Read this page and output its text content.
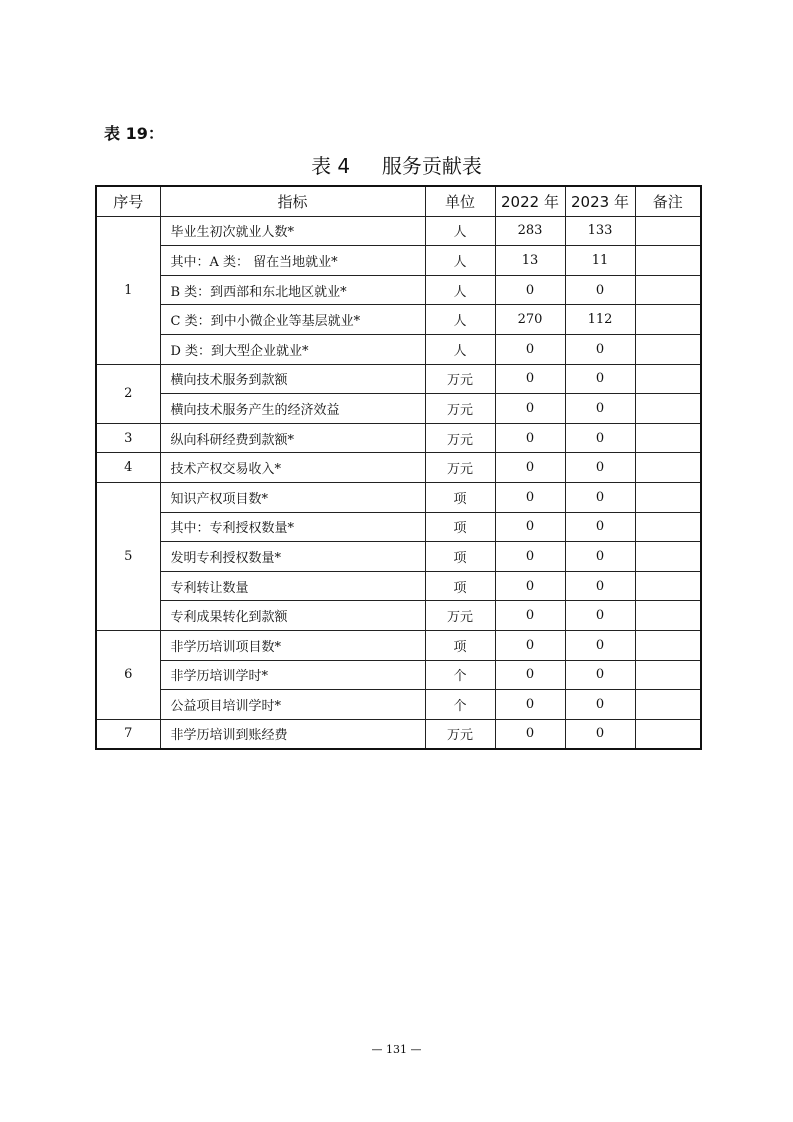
表 19：
表 4     服务贡献表
序号	指标	单位	2022 年	2023 年	备注
1	毕业生初次就业人数*	人	283	133	
	其中：A 类： 留在当地就业*	人	13	11	
	B 类：到西部和东北地区就业*	人	0	0	
	C 类：到中小微企业等基层就业*	人	270	112	
	D 类：到大型企业就业*	人	0	0	
2	横向技术服务到款额	万元	0	0	
	横向技术服务产生的经济效益	万元	0	0	
3	纵向科研经费到款额*	万元	0	0	
4	技术产权交易收入*	万元	0	0	
5	知识产权项目数*	项	0	0	
	其中：专利授权数量*	项	0	0	
	发明专利授权数量*	项	0	0	
	专利转让数量	项	0	0	
	专利成果转化到款额	万元	0	0	
6	非学历培训项目数*	项	0	0	
	非学历培训学时*	个	0	0	
	公益项目培训学时*	个	0	0	
7	非学历培训到账经费	万元	0	0	
— 131 —
